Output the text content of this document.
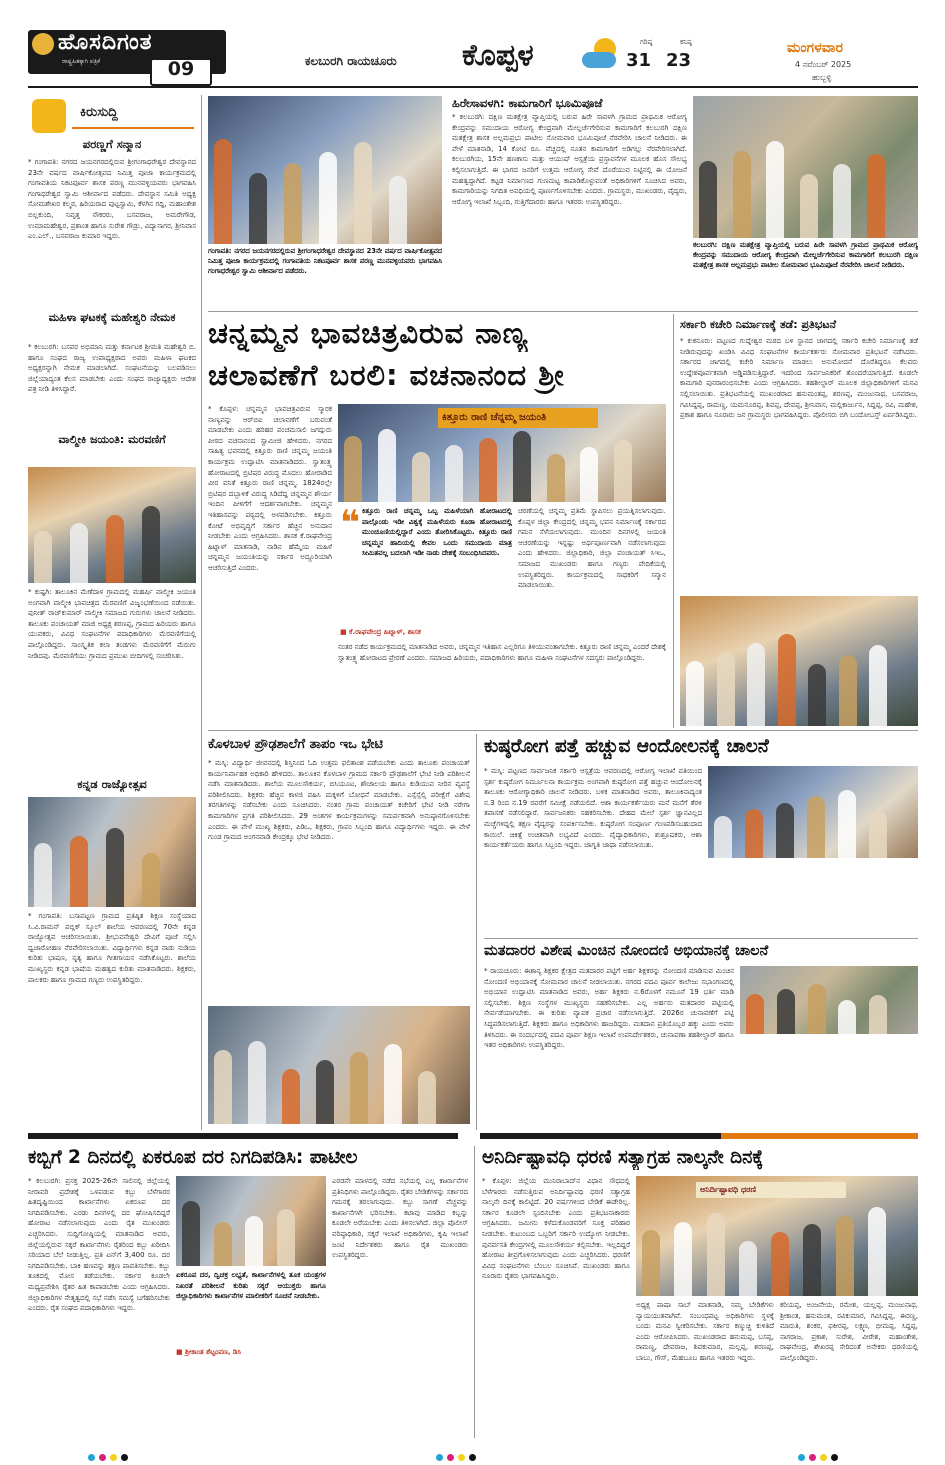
ಹೊಸದಿಗಂತ
ರಾಷ್ಟ್ರಹಿತಕ್ಕಾಗಿ ಪತ್ರಿಕೆ	09	ಕಲಬುರಗಿ ರಾಯಚೂರು ಕೊಪ್ಪಳ	ಗರಿಷ್ಠ
31
ಕನಿಷ್ಠ
23
ಮಂಗಳವಾರ
4 ನವೆಂಬರ್ 2025
ಹುಬ್ಬಳ್ಳಿ
ಕಿರುಸುದ್ದಿ
ಪರಣ್ಣಗೆ ಸನ್ಮಾನ
* ಗಂಗಾವತಿ: ನಗರದ ಜಯನಗರದಲ್ಲಿರುವ ಶ್ರೀಗಂಗಾಧರೇಶ್ವರ ದೇವಸ್ಥಾನದ 23ನೇ ವರ್ಷದ ವಾರ್ಷಿಕೋತ್ಸವದ ನಿಮಿತ್ತ ಪೂಜಾ ಕಾರ್ಯಕ್ರಮದಲ್ಲಿ ಗಂಗಾವತಿಯ ನಿಕಟಪೂರ್ವ ಶಾಸಕ ಪರಣ್ಣ ಮುನವಳ್ಳಿಯವರು ಭಾಗವಹಿಸಿ ಗಂಗಾಧರೇಶ್ವರ ಸ್ವಾಮಿ ಆಶೀರ್ವಾದ ಪಡೆದರು. ದೇವಸ್ಥಾನ ಸಮಿತಿ ಅಧ್ಯಕ್ಷ ಸೋಮಶೇಖರ ಕಲ್ಮಠ, ಹಿರಿಯರಾದ ಪುಟ್ಟಸ್ವಾಮಿ, ಕೆಳಗಿನ ಗದ್ದಿ, ಮಹಾಂತೇಶ ಬಿಲ್ಲಕುಂದಿ, ನಿವೃತ್ತ ನೌಕರರು, ಬಸವರಾಜ, ಅಮರೇಗೌಡ, ಉಮಾಮಹೇಶ್ವರ, ಪ್ರಶಾಂತ ಹಾಗೂ ಸುರೇಶ ಗೌಡ್ರು, ವಿದ್ಯಾಸಾಗರ, ಶ್ರೀನಿವಾಸ ಎಂ.ಎಲ್., ಬಸವರಾಜ ಕುಮಾರ ಇದ್ದರು.
ಮಹಿಳಾ ಘಟಕಕ್ಕೆ ಮಹೇಶ್ವರಿ ನೇಮಕ
* ಕಲಬುರಗಿ: ಬಸವರ ಅಭಿಮಾನಿ ಮತ್ತು ಕರ್ನಾಟಕ ಶ್ರೀಮತಿ ಮಹೇಶ್ವರಿ ಬಿ. ಹಾಗೂ ಸಂಘದ ರಾಜ್ಯ ಉಪಾಧ್ಯಕ್ಷರಾದ ಅವರು ಮಹಿಳಾ ಘಟಕದ ಅಧ್ಯಕ್ಷರನ್ನಾಗಿ ನೇಮಕ ಮಾಡಲಾಗಿದೆ. ಸಂಘಟನೆಯನ್ನು ಬಲಪಡಿಸಲು ಜಿಲ್ಲೆಯಾದ್ಯಂತ ಕೆಲಸ ಮಾಡಬೇಕು ಎಂದು ಸಂಘದ ರಾಜ್ಯಾಧ್ಯಕ್ಷರು ಆದೇಶ ಪತ್ರ ನೀಡಿ ತಿಳಿಸಿದ್ದಾರೆ.
ವಾಲ್ಮೀಕಿ ಜಯಂತಿ: ಮರವಣಿಗೆ
* ಕುಷ್ಟಗಿ: ತಾಲೂಕಿನ ಮೆಣೆದಾಳ ಗ್ರಾಮದಲ್ಲಿ ಮಹರ್ಷಿ ವಾಲ್ಮೀಕಿ ಜಯಂತಿ ಅಂಗವಾಗಿ ವಾಲ್ಮೀಕಿ ಭಾವಚಿತ್ರದ ಮೆರವಣಿಗೆ ವಿಜೃಂಭಣೆಯಿಂದ ನಡೆಯಿತು. ಪುನೀತ್ ರಾಜ್‌ಕುಮಾರ್ ವಾಲ್ಮೀಕಿ ಸಮಾಜದ ಗುರುಗಳು ಚಾಲನೆ ನೀಡಿದರು. ತಾಲೂಕು ಪಂಚಾಯತ್ ಮಾಜಿ ಅಧ್ಯಕ್ಷ ಶರಣಪ್ಪ, ಗ್ರಾಮದ ಹಿರಿಯರು ಹಾಗೂ ಯುವಕರು, ವಿವಿಧ ಸಂಘಟನೆಗಳ ಪದಾಧಿಕಾರಿಗಳು ಮೆರವಣಿಗೆಯಲ್ಲಿ ಪಾಲ್ಗೊಂಡಿದ್ದರು. ಸಾಂಸ್ಕೃತಿಕ ಕಲಾ ತಂಡಗಳು ಮೆರವಣಿಗೆಗೆ ಮೆರುಗು ನೀಡಿದವು. ಮೆರವಣಿಗೆಯು ಗ್ರಾಮದ ಪ್ರಮುಖ ಬೀದಿಗಳಲ್ಲಿ ಸಂಚರಿಸಿತು.
ಕನ್ನಡ ರಾಜ್ಯೋತ್ಸವ
* ಗಂಗಾವತಿ: ಬಸಾಪಟ್ಟಣ ಗ್ರಾಮದ ಪ್ರತಿಷ್ಠಿತ ಶಿಕ್ಷಣ ಸಂಸ್ಥೆಯಾದ ಸಿ.ವಿ.ರಾಮನ್ ಪಬ್ಲಿಕ್ ಸ್ಕೂಲ್ ಶಾಲೆಯ ಆವರಣದಲ್ಲಿ 70ನೇ ಕನ್ನಡ ರಾಜ್ಯೋತ್ಸವ ಆಚರಿಸಲಾಯಿತು. ಶ್ರೀಭುವನೇಶ್ವರಿ ದೇವಿಗೆ ಪೂಜೆ ಸಲ್ಲಿಸಿ ಧ್ವಜಾರೋಹಣ ನೆರವೇರಿಸಲಾಯಿತು. ವಿದ್ಯಾರ್ಥಿಗಳು ಕನ್ನಡ ನಾಡು ನುಡಿಯ ಕುರಿತು ಭಾಷಣ, ನೃತ್ಯ ಹಾಗೂ ಗೀತಗಾಯನ ನಡೆಸಿಕೊಟ್ಟರು. ಶಾಲೆಯ ಮುಖ್ಯಸ್ಥರು ಕನ್ನಡ ಭಾಷೆಯ ಮಹತ್ವದ ಕುರಿತು ಮಾತನಾಡಿದರು. ಶಿಕ್ಷಕರು, ಪಾಲಕರು ಹಾಗೂ ಗ್ರಾಮದ ಗಣ್ಯರು ಉಪಸ್ಥಿತರಿದ್ದರು.
ಗಂಗಾವತಿ: ನಗರದ ಜಯನಗರದಲ್ಲಿರುವ ಶ್ರೀಗಂಗಾಧರೇಶ್ವರ ದೇವಸ್ಥಾನದ 23ನೇ ವರ್ಷದ ವಾರ್ಷಿಕೋತ್ಸವದ ನಿಮಿತ್ತ ಪೂಜಾ ಕಾರ್ಯಕ್ರಮದಲ್ಲಿ ಗಂಗಾವತಿಯ ನಿಕಟಪೂರ್ವ ಶಾಸಕ ಪರಣ್ಣ ಮುನವಳ್ಳಿಯವರು ಭಾಗವಹಿಸಿ ಗಂಗಾಧರೇಶ್ವರ ಸ್ವಾಮಿ ಆಶೀರ್ವಾದ ಪಡೆದರು.
ಹಿರೇಸಾವಳಗಿ: ಕಾಮಗಾರಿಗೆ ಭೂಮಿಪೂಜೆ
* ಕಲಬುರಗಿ: ದಕ್ಷಿಣ ಮತಕ್ಷೇತ್ರ ವ್ಯಾಪ್ತಿಯಲ್ಲಿ ಬರುವ ಹಿರೇ ಸಾವಳಗಿ ಗ್ರಾಮದ ಪ್ರಾಥಮಿಕ ಆರೋಗ್ಯ ಕೇಂದ್ರವನ್ನು ಸಮುದಾಯ ಆರೋಗ್ಯ ಕೇಂದ್ರವಾಗಿ ಮೇಲ್ದರ್ಜೆಗೇರಿಸುವ ಕಾಮಗಾರಿಗೆ ಕಲಬುರಗಿ ದಕ್ಷಿಣ ಮತಕ್ಷೇತ್ರ ಶಾಸಕ ಅಲ್ಲಮಪ್ರಭು ಪಾಟೀಲ ಸೋಮವಾರ ಭೂಮಿಪೂಜೆ ನೆರವೇರಿಸಿ ಚಾಲನೆ ನೀಡಿದರು. ಈ ವೇಳೆ ಮಾತನಾಡಿ, 14 ಕೋಟಿ ರೂ. ವೆಚ್ಚದಲ್ಲಿ ನೂತನ ಕಾಮಗಾರಿಗೆ ಅಡಿಗಲ್ಲು ನೆರವೇರಿಸಲಾಗಿದೆ. ಕಲಬುರಗಿಯ, 15ನೇ ಹಣಕಾಸು ಮತ್ತು ಆಯುಷ್ ಆಸ್ಪತ್ರೆಯ ಪ್ರಸ್ತಾವನೆಗಳ ಮೂಲಕ ಹೊಸ ಸೌಲಭ್ಯ ಕಲ್ಪಿಸಲಾಗುತ್ತಿದೆ. ಈ ಭಾಗದ ಜನರಿಗೆ ಉತ್ತಮ ಆರೋಗ್ಯ ಸೇವೆ ದೊರೆಯುವ ನಿಟ್ಟಿನಲ್ಲಿ ಈ ಯೋಜನೆ ಮಹತ್ವದ್ದಾಗಿದೆ. ಕಟ್ಟಡ ನಿರ್ಮಾಣದ ಗುಣಮಟ್ಟ ಕಾಪಾಡಿಕೊಳ್ಳುವಂತೆ ಅಧಿಕಾರಿಗಳಿಗೆ ಸೂಚಿಸಿದ ಅವರು, ಕಾಮಗಾರಿಯನ್ನು ನಿಗದಿತ ಅವಧಿಯಲ್ಲಿ ಪೂರ್ಣಗೊಳಿಸಬೇಕು ಎಂದರು. ಗ್ರಾಮಸ್ಥರು, ಮುಖಂಡರು, ವೈದ್ಯರು, ಆರೋಗ್ಯ ಇಲಾಖೆ ಸಿಬ್ಬಂದಿ, ಗುತ್ತಿಗೆದಾರರು ಹಾಗೂ ಇತರರು ಉಪಸ್ಥಿತರಿದ್ದರು.
ಕಲಬುರಗಿ: ದಕ್ಷಿಣ ಮತಕ್ಷೇತ್ರ ವ್ಯಾಪ್ತಿಯಲ್ಲಿ ಬರುವ ಹಿರೇ ಸಾವಳಗಿ ಗ್ರಾಮದ ಪ್ರಾಥಮಿಕ ಆರೋಗ್ಯ ಕೇಂದ್ರವನ್ನು ಸಮುದಾಯ ಆರೋಗ್ಯ ಕೇಂದ್ರವಾಗಿ ಮೇಲ್ದರ್ಜೆಗೇರಿಸುವ ಕಾಮಗಾರಿಗೆ ಕಲಬುರಗಿ ದಕ್ಷಿಣ ಮತಕ್ಷೇತ್ರ ಶಾಸಕ ಅಲ್ಲಮಪ್ರಭು ಪಾಟೀಲ ಸೋಮವಾರ ಭೂಮಿಪೂಜೆ ನೆರವೇರಿಸಿ ಚಾಲನೆ ನೀಡಿದರು.
ಚನ್ನಮ್ಮನ ಭಾವಚಿತ್ರವಿರುವ ನಾಣ್ಯ
ಚಲಾವಣೆಗೆ ಬರಲಿ: ವಚನಾನಂದ ಶ್ರೀ
* ಕೊಪ್ಪಳ: ಚನ್ನಮ್ಮನ ಭಾವಚಿತ್ರವಿರುವ ಸ್ಮಾರಕ ನಾಣ್ಯವನ್ನು ಆರ್‌ಬಿಐ ಚಲಾವಣೆಗೆ ಬರುವಂತೆ ಮಾಡಬೇಕು ಎಂದು ಹರಿಹರ ಪಂಚಮಸಾಲಿ ಜಗದ್ಗುರು ಪೀಠದ ವಚನಾನಂದ ಸ್ವಾಮೀಜಿ ಹೇಳಿದರು. ನಗರದ ಸಾಹಿತ್ಯ ಭವನದಲ್ಲಿ ಕಿತ್ತೂರು ರಾಣಿ ಚನ್ನಮ್ಮ ಜಯಂತಿ ಕಾರ್ಯಕ್ರಮ ಉದ್ಘಾಟಿಸಿ ಮಾತನಾಡಿದರು. ಸ್ವಾತಂತ್ರ್ಯ ಹೋರಾಟದಲ್ಲಿ ಬ್ರಿಟಿಷರ ವಿರುದ್ಧ ಮೊದಲು ಹೋರಾಡಿದ ವೀರ ವನಿತೆ ಕಿತ್ತೂರು ರಾಣಿ ಚನ್ನಮ್ಮ. 1824ರಲ್ಲೇ ಬ್ರಿಟಿಷರ ದಬ್ಬಾಳಿಕೆ ವಿರುದ್ಧ ಸಿಡಿದೆದ್ದ ಚನ್ನಮ್ಮನ ಶೌರ್ಯ ಇಂದಿನ ಪೀಳಿಗೆಗೆ ಆದರ್ಶವಾಗಬೇಕು. ಚನ್ನಮ್ಮನ ಇತಿಹಾಸವನ್ನು ಪಠ್ಯದಲ್ಲಿ ಅಳವಡಿಸಬೇಕು. ಕಿತ್ತೂರು ಕೋಟೆ ಅಭಿವೃದ್ಧಿಗೆ ಸರ್ಕಾರ ಹೆಚ್ಚಿನ ಅನುದಾನ ನೀಡಬೇಕು ಎಂದು ಆಗ್ರಹಿಸಿದರು. ಶಾಸಕ ಕೆ.ರಾಘವೇಂದ್ರ ಹಿಟ್ನಾಳ್ ಮಾತನಾಡಿ, ನಾಡಿನ ಹೆಮ್ಮೆಯ ಮಹಿಳೆ ಚನ್ನಮ್ಮನ ಜಯಂತಿಯನ್ನು ಸರ್ಕಾರ ಅದ್ದೂರಿಯಾಗಿ ಆಚರಿಸುತ್ತಿದೆ ಎಂದರು.
ಕಿತ್ತೂರು ರಾಣಿ ಚೆನ್ನಮ್ಮ ಜಯಂತಿ
❝ ಕಿತ್ತೂರು ರಾಣಿ ಚನ್ನಮ್ಮ ಒಬ್ಬ ಮಹಿಳೆಯಾಗಿ ಹೋರಾಟದಲ್ಲಿ ಪಾಲ್ಗೊಂಡು ಇಡೀ ವಿಶ್ವಕ್ಕೆ ಮಹಿಳೆಯರು ಕೂಡಾ ಹೋರಾಟದಲ್ಲಿ ಮುಂಚೂಣಿಯಲ್ಲಿದ್ದಾರೆ ಎಂದು ತೋರಿಸಿಕೊಟ್ಟರು. ಕಿತ್ತೂರು ರಾಣಿ ಚನ್ನಮ್ಮನ ಹಾದಿಯಲ್ಲಿ ಕೇವಲ ಒಂದು ಸಮುದಾಯ ಮಾತ್ರ ಸೀಮಿತವಲ್ಲ ಬದಲಾಗಿ ಇಡೀ ನಾಡು ದೇಶಕ್ಕೆ ಸಂಬಂಧಿಸಿದವರು.
■ ಕೆ.ರಾಘವೇಂದ್ರ ಹಿಟ್ನಾಳ್, ಶಾಸಕ
ಚರಣೆಯಲ್ಲಿ ಚನ್ನಮ್ಮ ಪ್ರತಿಮೆ ಸ್ಥಾಪಿಸಲು ಪ್ರಯತ್ನಿಸಲಾಗುವುದು. ಕೊಪ್ಪಳ ಜಿಲ್ಲಾ ಕೇಂದ್ರದಲ್ಲಿ ಚನ್ನಮ್ಮ ಭವನ ನಿರ್ಮಾಣಕ್ಕೆ ಸರ್ಕಾರದ ಗಮನ ಸೆಳೆಯಲಾಗುವುದು. ಮುಂದಿನ ದಿನಗಳಲ್ಲಿ ಜಯಂತಿ ಆಚರಣೆಯನ್ನು ಇನ್ನಷ್ಟು ಅರ್ಥಪೂರ್ಣವಾಗಿ ನಡೆಸಲಾಗುವುದು ಎಂದು ಹೇಳಿದರು. ಜಿಲ್ಲಾಧಿಕಾರಿ, ಜಿಲ್ಲಾ ಪಂಚಾಯತ್ ಸಿಇಒ, ಸಮಾಜದ ಮುಖಂಡರು ಹಾಗೂ ಗಣ್ಯರು ವೇದಿಕೆಯಲ್ಲಿ ಉಪಸ್ಥಿತರಿದ್ದರು. ಕಾರ್ಯಕ್ರಮದಲ್ಲಿ ಸಾಧಕರಿಗೆ ಸನ್ಮಾನ ಮಾಡಲಾಯಿತು.
ನಂತರ ನಡೆದ ಕಾರ್ಯಕ್ರಮದಲ್ಲಿ ಮಾತನಾಡಿದ ಅವರು, ಚನ್ನಮ್ಮನ ಇತಿಹಾಸ ಎಲ್ಲರಿಗೂ ತಿಳಿಯುವಂತಾಗಬೇಕು. ಕಿತ್ತೂರು ರಾಣಿ ಚನ್ನಮ್ಮ ಎಂದರೆ ದೇಶಕ್ಕೆ ಸ್ವಾತಂತ್ರ್ಯ ಹೋರಾಟದ ಪ್ರೇರಣೆ ಎಂದರು. ಸಮಾಜದ ಹಿರಿಯರು, ಪದಾಧಿಕಾರಿಗಳು ಹಾಗೂ ಮಹಿಳಾ ಸಂಘಟನೆಗಳ ಸದಸ್ಯರು ಪಾಲ್ಗೊಂಡಿದ್ದರು.
ಸರ್ಕಾರಿ ಕಚೇರಿ ನಿರ್ಮಾಣಕ್ಕೆ ತಡೆ: ಪ್ರತಿಭಟನೆ
* ಕುಕನೂರು: ಪಟ್ಟಣದ ಗುದ್ನೇಶ್ವರ ಮಠದ ಬಳಿ ಸ್ಥಾನದ ಜಾಗದಲ್ಲಿ ಸರ್ಕಾರಿ ಕಚೇರಿ ನಿರ್ಮಾಣಕ್ಕೆ ತಡೆ ನೀಡಿರುವುದನ್ನು ಖಂಡಿಸಿ ವಿವಿಧ ಸಂಘಟನೆಗಳ ಕಾರ್ಯಕರ್ತರು ಸೋಮವಾರ ಪ್ರತಿಭಟನೆ ನಡೆಸಿದರು. ಸರ್ಕಾರದ ಜಾಗದಲ್ಲಿ ಕಚೇರಿ ನಿರ್ಮಾಣ ಮಾಡಲು ಅನುಮೋದನೆ ದೊರೆತಿದ್ದರೂ ಕೆಲವರು ಉದ್ದೇಶಪೂರ್ವಕವಾಗಿ ಅಡ್ಡಿಪಡಿಸುತ್ತಿದ್ದಾರೆ. ಇದರಿಂದ ಸಾರ್ವಜನಿಕರಿಗೆ ತೊಂದರೆಯಾಗುತ್ತಿದೆ. ಕೂಡಲೇ ಕಾಮಗಾರಿ ಪುನರಾರಂಭಿಸಬೇಕು ಎಂದು ಆಗ್ರಹಿಸಿದರು. ತಹಶೀಲ್ದಾರ್ ಮೂಲಕ ಜಿಲ್ಲಾಧಿಕಾರಿಗಳಿಗೆ ಮನವಿ ಸಲ್ಲಿಸಲಾಯಿತು. ಪ್ರತಿಭಟನೆಯಲ್ಲಿ ಮುಖಂಡರಾದ ಹನುಮಂತಪ್ಪ, ಶರಣಪ್ಪ, ಮಂಜುನಾಥ, ಬಸವರಾಜ, ಗವಿಸಿದ್ದಪ್ಪ, ರಾಮಣ್ಣ, ಯಮನೂರಪ್ಪ, ಶಿವಪ್ಪ, ದೇವಪ್ಪ, ಶ್ರೀನಿವಾಸ, ಮಲ್ಲಿಕಾರ್ಜುನ, ಸಿದ್ದಪ್ಪ, ರವಿ, ಮಹೇಶ, ಪ್ರಕಾಶ ಹಾಗೂ ನೂರಾರು ಜನ ಗ್ರಾಮಸ್ಥರು ಭಾಗವಹಿಸಿದ್ದರು. ಪೊಲೀಸರು ಬಿಗಿ ಬಂದೋಬಸ್ತ್ ಏರ್ಪಡಿಸಿದ್ದರು.
ಕೊಳಬಾಳ ಪ್ರೌಢಶಾಲೆಗೆ ತಾಪಂ ಇಒ ಭೇಟಿ
* ಮಸ್ಕಿ: ವಿದ್ಯಾರ್ಥಿ ಜೀವನದಲ್ಲಿ ಶಿಸ್ತಿನಿಂದ ಓದಿ ಉತ್ತಮ ಫಲಿತಾಂಶ ಪಡೆಯಬೇಕು ಎಂದು ತಾಲೂಕು ಪಂಚಾಯತ್ ಕಾರ್ಯನಿರ್ವಾಹಕ ಅಧಿಕಾರಿ ಹೇಳಿದರು. ತಾಲೂಕಿನ ಕೊಳಬಾಳ ಗ್ರಾಮದ ಸರ್ಕಾರಿ ಪ್ರೌಢಶಾಲೆಗೆ ಭೇಟಿ ನೀಡಿ ಪರಿಶೀಲನೆ ನಡೆಸಿ ಮಾತನಾಡಿದರು. ಶಾಲೆಯ ಮೂಲಸೌಕರ್ಯ, ಬಿಸಿಯೂಟ, ಶೌಚಾಲಯ ಹಾಗೂ ಕುಡಿಯುವ ನೀರಿನ ವ್ಯವಸ್ಥೆ ಪರಿಶೀಲಿಸಿದರು. ಶಿಕ್ಷಕರು ಹೆಚ್ಚಿನ ಕಾಳಜಿ ವಹಿಸಿ ಮಕ್ಕಳಿಗೆ ಬೋಧನೆ ಮಾಡಬೇಕು. ಎಸ್ಸೆಸ್ಸೆಲ್ಸಿ ಪರೀಕ್ಷೆಗೆ ವಿಶೇಷ ತರಗತಿಗಳನ್ನು ನಡೆಸಬೇಕು ಎಂದು ಸೂಚಿಸಿದರು. ನಂತರ ಗ್ರಾಮ ಪಂಚಾಯತ್ ಕಚೇರಿಗೆ ಭೇಟಿ ನೀಡಿ ನರೇಗಾ ಕಾಮಗಾರಿಗಳ ಪ್ರಗತಿ ಪರಿಶೀಲಿಸಿದರು. 29 ಅಂಶಗಳ ಕಾರ್ಯಕ್ರಮಗಳನ್ನು ಸಮರ್ಪಕವಾಗಿ ಅನುಷ್ಠಾನಗೊಳಿಸಬೇಕು ಎಂದರು. ಈ ವೇಳೆ ಮುಖ್ಯ ಶಿಕ್ಷಕರು, ಪಿಡಿಒ, ಶಿಕ್ಷಕರು, ಗ್ರಾಪಂ ಸಿಬ್ಬಂದಿ ಹಾಗೂ ವಿದ್ಯಾರ್ಥಿಗಳು ಇದ್ದರು. ಈ ವೇಳೆ ಗುಂಡ ಗ್ರಾಮದ ಅಂಗನವಾಡಿ ಕೇಂದ್ರಕ್ಕೂ ಭೇಟಿ ನೀಡಿದರು.
ಕುಷ್ಠರೋಗ ಪತ್ತೆ ಹಚ್ಚುವ ಆಂದೋಲನಕ್ಕೆ ಚಾಲನೆ
* ಮಸ್ಕಿ: ಪಟ್ಟಣದ ಸಾರ್ವಜನಿಕ ಸರ್ಕಾರಿ ಆಸ್ಪತ್ರೆಯ ಆವರಣದಲ್ಲಿ ಆರೋಗ್ಯ ಇಲಾಖೆ ವತಿಯಿಂದ ಸ್ಪರ್ಶ ಕುಷ್ಠರೋಗ ನಿರ್ಮೂಲನಾ ಕಾರ್ಯಕ್ರಮ ಅಂಗವಾಗಿ ಕುಷ್ಠರೋಗ ಪತ್ತೆ ಹಚ್ಚುವ ಆಂದೋಲನಕ್ಕೆ ತಾಲೂಕು ಆರೋಗ್ಯಾಧಿಕಾರಿ ಚಾಲನೆ ನೀಡಿದರು. ಬಳಿಕ ಮಾತನಾಡಿದ ಅವರು, ತಾಲೂಕಿನಾದ್ಯಂತ ನ.3 ರಿಂದ ನ.19 ರವರೆಗೆ ಸಮೀಕ್ಷೆ ನಡೆಯಲಿದೆ. ಆಶಾ ಕಾರ್ಯಕರ್ತೆಯರು ಮನೆ ಮನೆಗೆ ತೆರಳಿ ತಪಾಸಣೆ ನಡೆಸಲಿದ್ದಾರೆ. ಸಾರ್ವಜನಿಕರು ಸಹಕರಿಸಬೇಕು. ದೇಹದ ಮೇಲೆ ಸ್ಪರ್ಶ ಜ್ಞಾನವಿಲ್ಲದ ಮಚ್ಚೆಗಳಿದ್ದಲ್ಲಿ ತಕ್ಷಣ ವೈದ್ಯರನ್ನು ಸಂಪರ್ಕಿಸಬೇಕು. ಕುಷ್ಠರೋಗ ಸಂಪೂರ್ಣ ಗುಣಪಡಿಸಬಹುದಾದ ಕಾಯಿಲೆ. ಚಿಕಿತ್ಸೆ ಉಚಿತವಾಗಿ ಲಭ್ಯವಿದೆ ಎಂದರು. ವೈದ್ಯಾಧಿಕಾರಿಗಳು, ಶುಶ್ರೂಷಕರು, ಆಶಾ ಕಾರ್ಯಕರ್ತೆಯರು ಹಾಗೂ ಸಿಬ್ಬಂದಿ ಇದ್ದರು. ಜಾಗೃತಿ ಜಾಥಾ ನಡೆಸಲಾಯಿತು.
ಮತದಾರರ ವಿಶೇಷ ಮಿಂಚಿನ ನೋಂದಣಿ ಅಭಿಯಾನಕ್ಕೆ ಚಾಲನೆ
* ರಾಯಚೂರು: ಈಶಾನ್ಯ ಶಿಕ್ಷಕರ ಕ್ಷೇತ್ರದ ಮತದಾರರ ಪಟ್ಟಿಗೆ ಅರ್ಹ ಶಿಕ್ಷಕರನ್ನು ನೋಂದಣಿ ಮಾಡಿಸುವ ಮಿಂಚಿನ ನೋಂದಣಿ ಅಭಿಯಾನಕ್ಕೆ ಸೋಮವಾರ ಚಾಲನೆ ನೀಡಲಾಯಿತು. ನಗರದ ಪದವಿ ಪೂರ್ವ ಕಾಲೇಜು ಸಭಾಂಗಣದಲ್ಲಿ ಅಭಿಯಾನ ಉದ್ಘಾಟಿಸಿ ಮಾತನಾಡಿದ ಅವರು, ಅರ್ಹ ಶಿಕ್ಷಕರು ನ.6ರೊಳಗೆ ನಮೂನೆ 19 ಭರ್ತಿ ಮಾಡಿ ಸಲ್ಲಿಸಬೇಕು. ಶಿಕ್ಷಣ ಸಂಸ್ಥೆಗಳ ಮುಖ್ಯಸ್ಥರು ಸಹಕರಿಸಬೇಕು. ಎಲ್ಲ ಅರ್ಹರು ಮತದಾರರ ಪಟ್ಟಿಯಲ್ಲಿ ಸೇರ್ಪಡೆಯಾಗಬೇಕು. ಈ ಕುರಿತು ವ್ಯಾಪಕ ಪ್ರಚಾರ ನಡೆಸಲಾಗುತ್ತಿದೆ. 2026ರ ಚುನಾವಣೆಗೆ ಪಟ್ಟಿ ಸಿದ್ಧಪಡಿಸಲಾಗುತ್ತಿದೆ. ಶಿಕ್ಷಕರು ಹಾಗೂ ಅಧಿಕಾರಿಗಳು ಹಾಜರಿದ್ದರು. ಮತದಾನ ಪ್ರತಿಯೊಬ್ಬರ ಹಕ್ಕು ಎಂದು ಅವರು ತಿಳಿಸಿದರು. ಈ ಸಂದರ್ಭದಲ್ಲಿ ಪದವಿ ಪೂರ್ವ ಶಿಕ್ಷಣ ಇಲಾಖೆ ಉಪನಿರ್ದೇಶಕರು, ಚುನಾವಣಾ ತಹಶೀಲ್ದಾರ್ ಹಾಗೂ ಇತರ ಅಧಿಕಾರಿಗಳು ಉಪಸ್ಥಿತರಿದ್ದರು.
ಕಬ್ಬಿಗೆ 2 ದಿನದಲ್ಲಿ ಏಕರೂಪ ದರ ನಿಗದಿಪಡಿಸಿ: ಪಾಟೀಲ
* ಕಲಬುರಗಿ: ಪ್ರಸಕ್ತ 2025-26ನೇ ಸಾಲಿನಲ್ಲಿ ಜಿಲ್ಲೆಯಲ್ಲಿ ನೀರಾವರಿ ಪ್ರದೇಶಕ್ಕೆ ಒಳಪಡುವ ಕಬ್ಬು ಬೆಳೆಗಾರರ ಹಿತದೃಷ್ಟಿಯಿಂದ ಕಾರ್ಖಾನೆಗಳು ಏಕರೂಪ ದರ ನಿಗದಿಪಡಿಸಬೇಕು. ಎರಡು ದಿನಗಳಲ್ಲಿ ದರ ಘೋಷಿಸದಿದ್ದರೆ ಹೋರಾಟ ನಡೆಸಲಾಗುವುದು ಎಂದು ರೈತ ಮುಖಂಡರು ಎಚ್ಚರಿಸಿದರು. ಸುದ್ದಿಗೋಷ್ಠಿಯಲ್ಲಿ ಮಾತನಾಡಿದ ಅವರು, ಜಿಲ್ಲೆಯಲ್ಲಿರುವ ಸಕ್ಕರೆ ಕಾರ್ಖಾನೆಗಳು ರೈತರಿಂದ ಕಬ್ಬು ಖರೀದಿಸಿ ಸರಿಯಾದ ಬೆಲೆ ನೀಡುತ್ತಿಲ್ಲ. ಪ್ರತಿ ಟನ್‌ಗೆ 3,400 ರೂ. ದರ ನಿಗದಿಪಡಿಸಬೇಕು. ಬಾಕಿ ಹಣವನ್ನು ತಕ್ಷಣ ಪಾವತಿಸಬೇಕು. ಕಬ್ಬು ತೂಕದಲ್ಲಿ ಮೋಸ ತಡೆಯಬೇಕು. ಸರ್ಕಾರ ಕೂಡಲೇ ಮಧ್ಯಪ್ರವೇಶಿಸಿ ರೈತರ ಹಿತ ಕಾಪಾಡಬೇಕು ಎಂದು ಆಗ್ರಹಿಸಿದರು. ಜಿಲ್ಲಾಧಿಕಾರಿಗಳ ನೇತೃತ್ವದಲ್ಲಿ ಸಭೆ ನಡೆಸಿ ಸಮಸ್ಯೆ ಬಗೆಹರಿಸಬೇಕು ಎಂದರು. ರೈತ ಸಂಘದ ಪದಾಧಿಕಾರಿಗಳು ಇದ್ದರು.
ಏಕರೂಪ ದರ, ದ್ವಿಚಕ್ರ ಲಭ್ಯತೆ, ಕಾರ್ಖಾನೆಗಳಲ್ಲಿ ತೂಕ ಯಂತ್ರಗಳ ನಿಖರತೆ ಪರಿಶೀಲನೆ ಕುರಿತು ಸಕ್ಕರೆ ಆಯುಕ್ತರು ಹಾಗೂ ಜಿಲ್ಲಾಧಿಕಾರಿಗಳು ಕಾರ್ಖಾನೆಗಳ ಮಾಲೀಕರಿಗೆ ಸೂಚನೆ ನೀಡಬೇಕು.
■ ಶ್ರೀಕಾಂತ ಶೆಟ್ಟಂಪಣ, ಡಿಸಿ
ಎರಡನೇ ಮಾಳದಲ್ಲಿ ನಡೆದ ಸಭೆಯಲ್ಲಿ ಎಲ್ಲ ಕಾರ್ಖಾನೆಗಳ ಪ್ರತಿನಿಧಿಗಳು ಪಾಲ್ಗೊಂಡಿದ್ದರು. ರೈತರ ಬೇಡಿಕೆಗಳನ್ನು ಸರ್ಕಾರದ ಗಮನಕ್ಕೆ ತರಲಾಗುವುದು. ಕಬ್ಬು ಸಾಗಣೆ ವೆಚ್ಚವನ್ನು ಕಾರ್ಖಾನೆಗಳೇ ಭರಿಸಬೇಕು. ಕಟಾವು ಮಾಡಿದ ಕಬ್ಬನ್ನು ಕೂಡಲೇ ಅರೆಯಬೇಕು ಎಂದು ತಿಳಿಸಲಾಗಿದೆ. ಜಿಲ್ಲಾ ಪೊಲೀಸ್ ವರಿಷ್ಠಾಧಿಕಾರಿ, ಸಕ್ಕರೆ ಇಲಾಖೆ ಅಧಿಕಾರಿಗಳು, ಕೃಷಿ ಇಲಾಖೆ ಜಂಟಿ ನಿರ್ದೇಶಕರು ಹಾಗೂ ರೈತ ಮುಖಂಡರು ಉಪಸ್ಥಿತರಿದ್ದರು.
ಅನಿರ್ದಿಷ್ಟಾವಧಿ ಧರಣಿ ಸತ್ಯಾಗ್ರಹ ನಾಲ್ಕನೇ ದಿನಕ್ಕೆ
* ಕೊಪ್ಪಳ: ಜಿಲ್ಲೆಯ ಮುನಿರಾಬಾದ್‌ನ ವಿಧಾನ ಸೌಧದಲ್ಲಿ ಬೆಳೆಗಾರರು ನಡೆಸುತ್ತಿರುವ ಅನಿರ್ದಿಷ್ಟಾವಧಿ ಧರಣಿ ಸತ್ಯಾಗ್ರಹ ನಾಲ್ಕನೇ ದಿನಕ್ಕೆ ಕಾಲಿಟ್ಟಿದೆ. 20 ವರ್ಷಗಳಿಂದ ಬೇಡಿಕೆ ಈಡೇರಿಲ್ಲ. ಸರ್ಕಾರ ಕೂಡಲೇ ಸ್ಪಂದಿಸಬೇಕು ಎಂದು ಪ್ರತಿಭಟನಾಕಾರರು ಆಗ್ರಹಿಸಿದರು. ಜಮೀನು ಕಳೆದುಕೊಂಡವರಿಗೆ ಸೂಕ್ತ ಪರಿಹಾರ ನೀಡಬೇಕು. ಕುಟುಂಬದ ಒಬ್ಬರಿಗೆ ಸರ್ಕಾರಿ ಉದ್ಯೋಗ ನೀಡಬೇಕು. ಪುನರ್ವಸತಿ ಕೇಂದ್ರಗಳಲ್ಲಿ ಮೂಲಸೌಕರ್ಯ ಕಲ್ಪಿಸಬೇಕು. ಇಲ್ಲದಿದ್ದರೆ ಹೋರಾಟ ತೀವ್ರಗೊಳಿಸಲಾಗುವುದು ಎಂದು ಎಚ್ಚರಿಸಿದರು. ಧರಣಿಗೆ ವಿವಿಧ ಸಂಘಟನೆಗಳು ಬೆಂಬಲ ಸೂಚಿಸಿವೆ. ಮುಖಂಡರು ಹಾಗೂ ನೂರಾರು ರೈತರು ಭಾಗವಹಿಸಿದ್ದರು.
ಅನಿರ್ದಿಷ್ಟಾವಧಿ ಧರಣಿ
ಅಧ್ಯಕ್ಷ ಪಾಷಾ ಸಾಬ್ ಮಾತನಾಡಿ, ನಮ್ಮ ಬೇಡಿಕೆಗಳು ನ್ಯಾಯಯುತವಾಗಿವೆ. ಸಂಬಂಧಪಟ್ಟ ಅಧಿಕಾರಿಗಳು ಸ್ಥಳಕ್ಕೆ ಬಂದು ಮನವಿ ಸ್ವೀಕರಿಸಬೇಕು. ಸರ್ಕಾರ ಕಣ್ಮುಚ್ಚಿ ಕುಳಿತಿದೆ ಎಂದು ಆರೋಪಿಸಿದರು. ಮುಖಂಡರಾದ ಹನುಮಪ್ಪ, ಬಸಪ್ಪ, ರಾಮಣ್ಣ, ದೇವರಾಜ, ಶಿವಕುಮಾರ, ಮಲ್ಲಪ್ಪ, ಶರಣಪ್ಪ, ಬಾಬು, ಗೌಸ್, ಮೆಹಬೂಬ ಹಾಗೂ ಇತರರು ಇದ್ದರು.
ಕರಿಯಪ್ಪ, ಅಂಜನೇಯ, ರಮೇಶ, ಯಲ್ಲಪ್ಪ, ಮಂಜುನಾಥ, ಶ್ರೀಕಾಂತ, ಹನುಮಂತ, ರವಿಕುಮಾರ, ಗವಿಸಿದ್ದಪ್ಪ, ಈರಣ್ಣ, ಮಾರುತಿ, ಶಂಕರ, ಫಕೀರಪ್ಪ, ಲಕ್ಷ್ಮಣ, ಭೀಮಪ್ಪ, ಸಿದ್ದಪ್ಪ, ನಾಗರಾಜ, ಪ್ರಕಾಶ, ಸುರೇಶ, ವೀರೇಶ, ಮಹಾಂತೇಶ, ರಾಘವೇಂದ್ರ, ಶೇಖರಪ್ಪ ಸೇರಿದಂತೆ ಅನೇಕರು ಧರಣಿಯಲ್ಲಿ ಪಾಲ್ಗೊಂಡಿದ್ದರು.
